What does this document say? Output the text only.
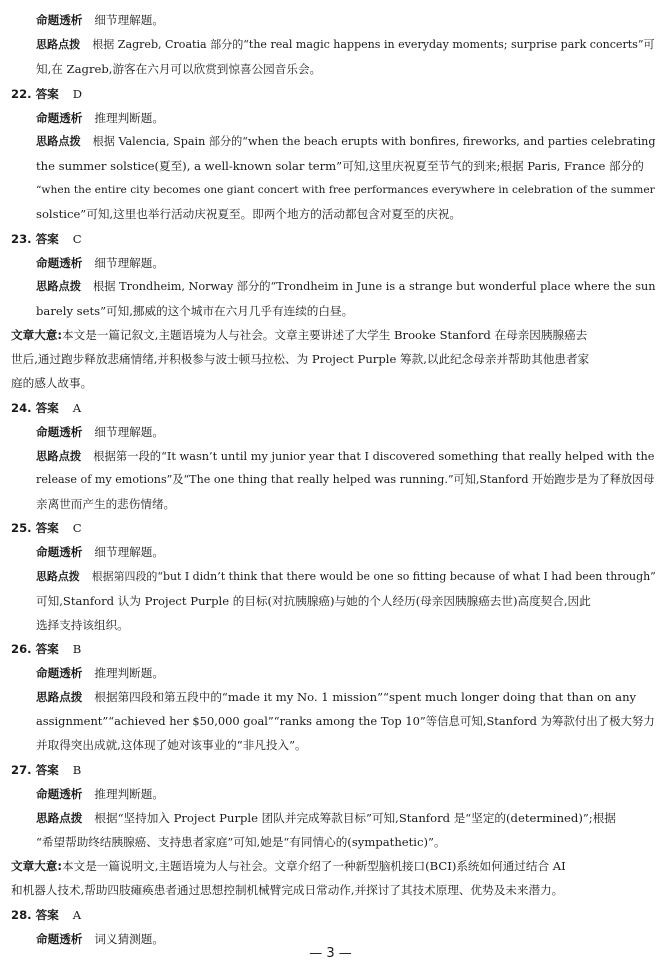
命题透析 细节理解题。
思路点拨 根据 Zagreb, Croatia 部分的“the real magic happens in everyday moments; surprise park concerts”可
知,在 Zagreb,游客在六月可以欣赏到惊喜公园音乐会。
22. 答案 D
命题透析 推理判断题。
思路点拨 根据 Valencia, Spain 部分的“when the beach erupts with bonfires, fireworks, and parties celebrating
the summer solstice(夏至), a well-known solar term”可知,这里庆祝夏至节气的到来;根据 Paris, France 部分的
“when the entire city becomes one giant concert with free performances everywhere in celebration of the summer
solstice”可知,这里也举行活动庆祝夏至。即两个地方的活动都包含对夏至的庆祝。
23. 答案 C
命题透析 细节理解题。
思路点拨 根据 Trondheim, Norway 部分的“Trondheim in June is a strange but wonderful place where the sun
barely sets”可知,挪威的这个城市在六月几乎有连续的白昼。
文章大意:本文是一篇记叙文,主题语境为人与社会。文章主要讲述了大学生 Brooke Stanford 在母亲因胰腺癌去
世后,通过跑步释放悲痛情绪,并积极参与波士顿马拉松、为 Project Purple 筹款,以此纪念母亲并帮助其他患者家
庭的感人故事。
24. 答案 A
命题透析 细节理解题。
思路点拨 根据第一段的“It wasn’t until my junior year that I discovered something that really helped with the
release of my emotions”及“The one thing that really helped was running.”可知,Stanford 开始跑步是为了释放因母
亲离世而产生的悲伤情绪。
25. 答案 C
命题透析 细节理解题。
思路点拨 根据第四段的“but I didn’t think that there would be one so fitting because of what I had been through”
可知,Stanford 认为 Project Purple 的目标(对抗胰腺癌)与她的个人经历(母亲因胰腺癌去世)高度契合,因此
选择支持该组织。
26. 答案 B
命题透析 推理判断题。
思路点拨 根据第四段和第五段中的“made it my No. 1 mission”“spent much longer doing that than on any
assignment”“achieved her $50,000 goal”“ranks among the Top 10”等信息可知,Stanford 为筹款付出了极大努力
并取得突出成就,这体现了她对该事业的“非凡投入”。
27. 答案 B
命题透析 推理判断题。
思路点拨 根据“坚持加入 Project Purple 团队并完成筹款目标”可知,Stanford 是“坚定的(determined)”;根据
“希望帮助终结胰腺癌、支持患者家庭”可知,她是“有同情心的(sympathetic)”。
文章大意:本文是一篇说明文,主题语境为人与社会。文章介绍了一种新型脑机接口(BCI)系统如何通过结合 AI
和机器人技术,帮助四肢瘫痪患者通过思想控制机械臂完成日常动作,并探讨了其技术原理、优势及未来潜力。
28. 答案 A
命题透析 词义猜测题。
— 3 —
